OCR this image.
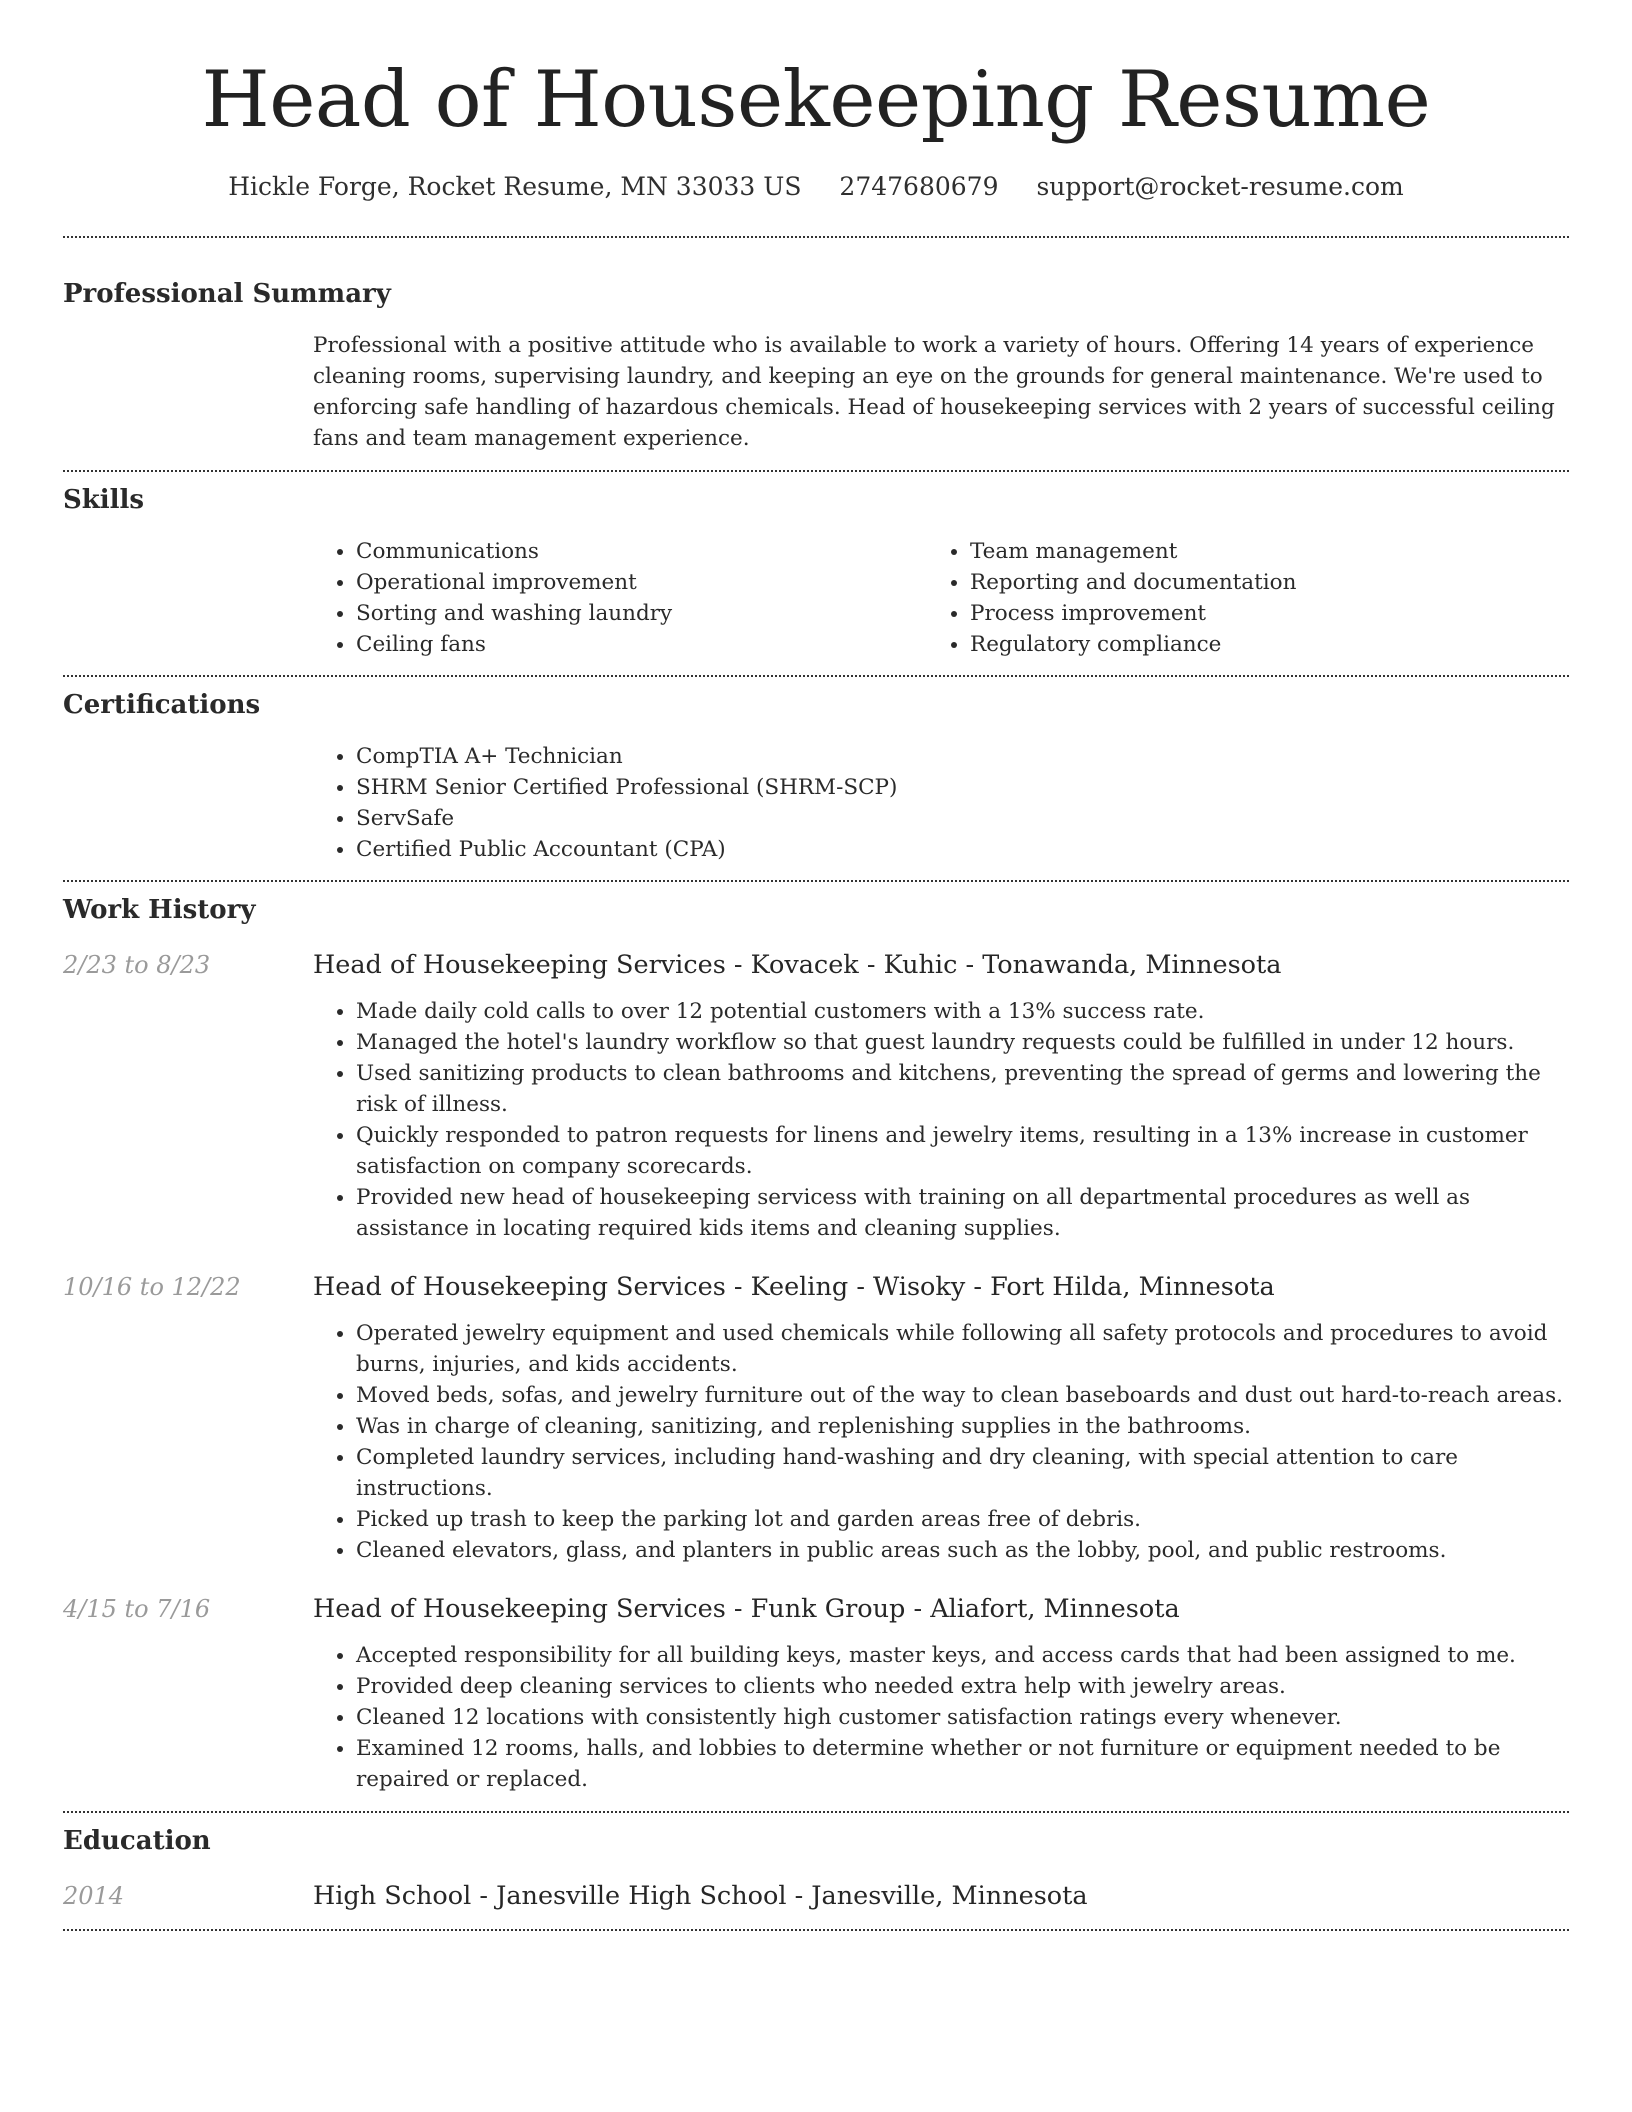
Head of Housekeeping Resume
Hickle Forge, Rocket Resume, MN 33033 US 2747680679 support@rocket-resume.com
Professional Summary

Professional with a positive attitude who is available to work a variety of hours. Offering 14 years of experience cleaning rooms, supervising laundry, and keeping an eye on the grounds for general maintenance. We're used to enforcing safe handling of hazardous chemicals. Head of housekeeping services with 2 years of successful ceiling fans and team management experience.

Skills
• Communications
• Operational improvement
• Sorting and washing laundry
• Ceiling fans
• Team management
• Reporting and documentation
• Process improvement
• Regulatory compliance
Certifications
• CompTIA A+ Technician
• SHRM Senior Certified Professional (SHRM-SCP)
• ServSafe
• Certified Public Accountant (CPA)
Work History
2/23 to 8/23	Head of Housekeeping Services - Kovacek - Kuhic - Tonawanda, Minnesota
• Made daily cold calls to over 12 potential customers with a 13% success rate.
• Managed the hotel's laundry workflow so that guest laundry requests could be fulfilled in under 12 hours.
• Used sanitizing products to clean bathrooms and kitchens, preventing the spread of germs and lowering the risk of illness.
• Quickly responded to patron requests for linens and jewelry items, resulting in a 13% increase in customer satisfaction on company scorecards.
• Provided new head of housekeeping servicess with training on all departmental procedures as well as assistance in locating required kids items and cleaning supplies.
10/16 to 12/22	Head of Housekeeping Services - Keeling - Wisoky - Fort Hilda, Minnesota
• Operated jewelry equipment and used chemicals while following all safety protocols and procedures to avoid burns, injuries, and kids accidents.
• Moved beds, sofas, and jewelry furniture out of the way to clean baseboards and dust out hard-to-reach areas.
• Was in charge of cleaning, sanitizing, and replenishing supplies in the bathrooms.
• Completed laundry services, including hand-washing and dry cleaning, with special attention to care instructions.
• Picked up trash to keep the parking lot and garden areas free of debris.
• Cleaned elevators, glass, and planters in public areas such as the lobby, pool, and public restrooms.
4/15 to 7/16	Head of Housekeeping Services - Funk Group - Aliafort, Minnesota
• Accepted responsibility for all building keys, master keys, and access cards that had been assigned to me.
• Provided deep cleaning services to clients who needed extra help with jewelry areas.
• Cleaned 12 locations with consistently high customer satisfaction ratings every whenever.
• Examined 12 rooms, halls, and lobbies to determine whether or not furniture or equipment needed to be repaired or replaced.
Education
2014	High School - Janesville High School - Janesville, Minnesota
